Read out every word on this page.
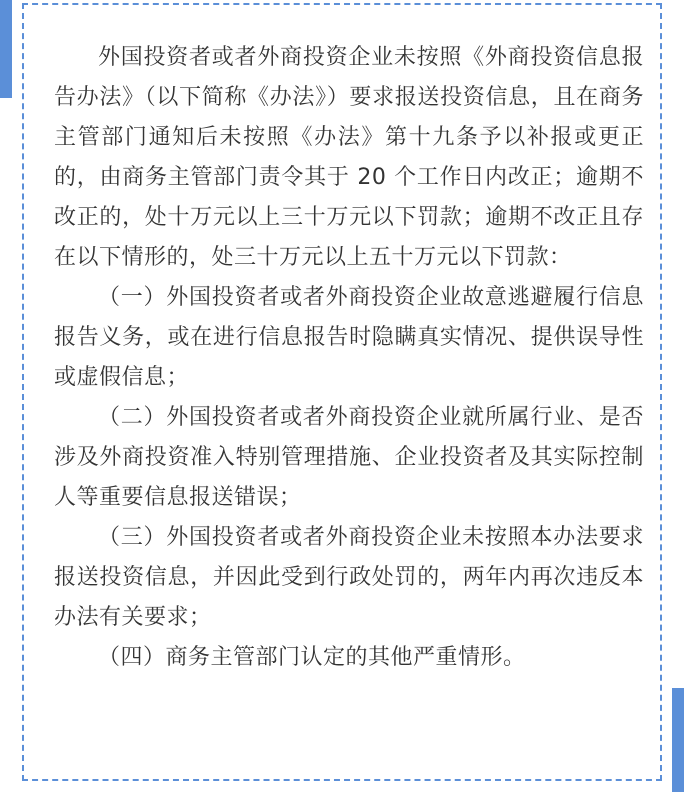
外国投资者或者外商投资企业未按照《外商投资信息报告办法》（以下简称《办法》）要求报送投资信息，且在商务主管部门通知后未按照《办法》第十九条予以补报或更正的，由商务主管部门责令其于 20 个工作日内改正；逾期不改正的，处十万元以上三十万元以下罚款；逾期不改正且存在以下情形的，处三十万元以上五十万元以下罚款：

（一）外国投资者或者外商投资企业故意逃避履行信息报告义务，或在进行信息报告时隐瞒真实情况、提供误导性或虚假信息；

（二）外国投资者或者外商投资企业就所属行业、是否涉及外商投资准入特别管理措施、企业投资者及其实际控制人等重要信息报送错误；

（三）外国投资者或者外商投资企业未按照本办法要求报送投资信息，并因此受到行政处罚的，两年内再次违反本办法有关要求；

（四）商务主管部门认定的其他严重情形。
